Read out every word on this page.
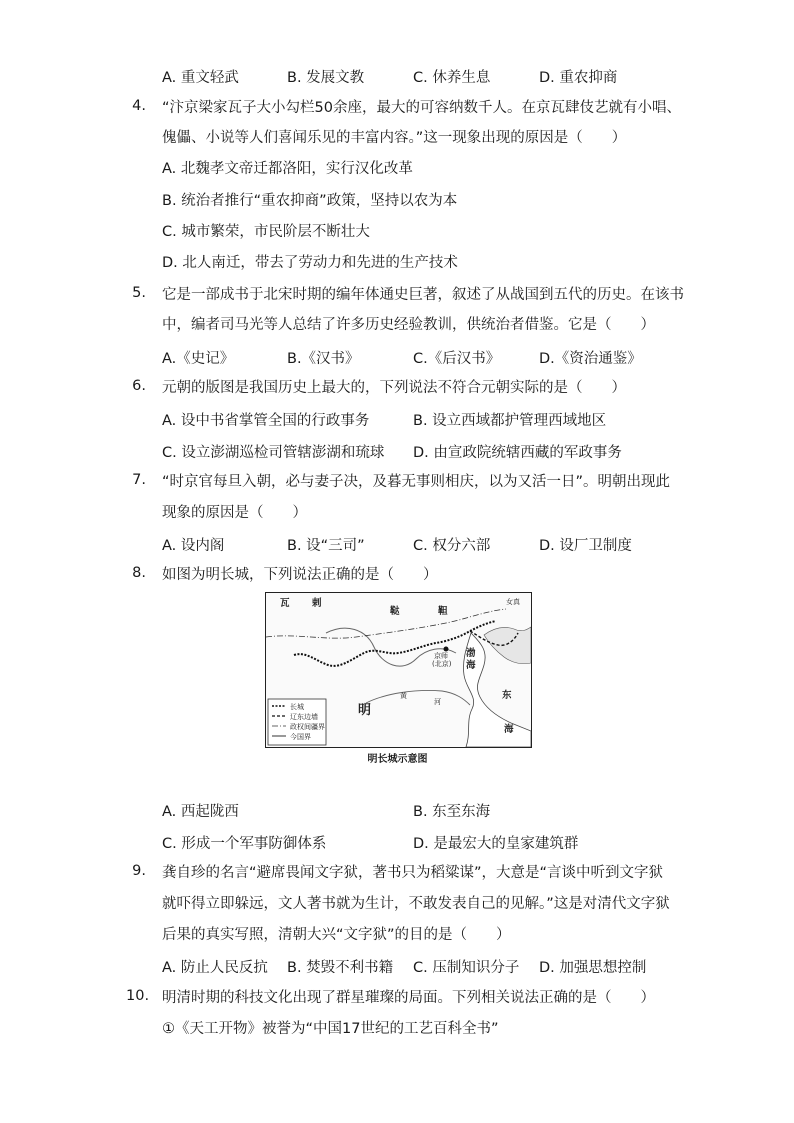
A. 重文轻武	B. 发展文教	C. 休养生息	D. 重农抑商
4. “汴京梁家瓦子大小勾栏50余座，最大的可容纳数千人。在京瓦肆伎艺就有小唱、
傀儡、小说等人们喜闻乐见的丰富内容。”这一现象出现的原因是（　　）
A. 北魏孝文帝迁都洛阳，实行汉化改革
B. 统治者推行“重农抑商”政策，坚持以农为本
C. 城市繁荣，市民阶层不断壮大
D. 北人南迁，带去了劳动力和先进的生产技术
5. 它是一部成书于北宋时期的编年体通史巨著，叙述了从战国到五代的历史。在该书
中，编者司马光等人总结了许多历史经验教训，供统治者借鉴。它是（　　）
A.《史记》	B.《汉书》	C.《后汉书》	D.《资治通鉴》
6. 元朝的版图是我国历史上最大的，下列说法不符合元朝实际的是（　　）
A. 设中书省掌管全国的行政事务	B. 设立西域都护管理西域地区
C. 设立澎湖巡检司管辖澎湖和琉球 D. 由宣政院统辖西藏的军政事务
7. “时京官每旦入朝，必与妻子决，及暮无事则相庆，以为又活一日”。明朝出现此
现象的原因是（　　）
A. 设内阁	B. 设“三司”	C. 权分六部	D. 设厂卫制度
8. 如图为明长城，下列说法正确的是（　　）
瓦 剌
鞑	靼
女真
京师
(北京)
渤
海
明
黄
河
东
海
长城
辽东边墙
政权间疆界
今国界
明长城示意图
A. 西起陇西	B. 东至东海
C. 形成一个军事防御体系	D. 是最宏大的皇家建筑群
9. 龚自珍的名言“避席畏闻文字狱，著书只为稻粱谋”，大意是“言谈中听到文字狱
就吓得立即躲远，文人著书就为生计，不敢发表自己的见解。”这是对清代文字狱
后果的真实写照，清朝大兴“文字狱”的目的是（　　）
A. 防止人民反抗 B. 焚毁不利书籍 C. 压制知识分子 D. 加强思想控制
10. 明清时期的科技文化出现了群星璀璨的局面。下列相关说法正确的是（　　）
①《天工开物》被誉为“中国17世纪的工艺百科全书”
